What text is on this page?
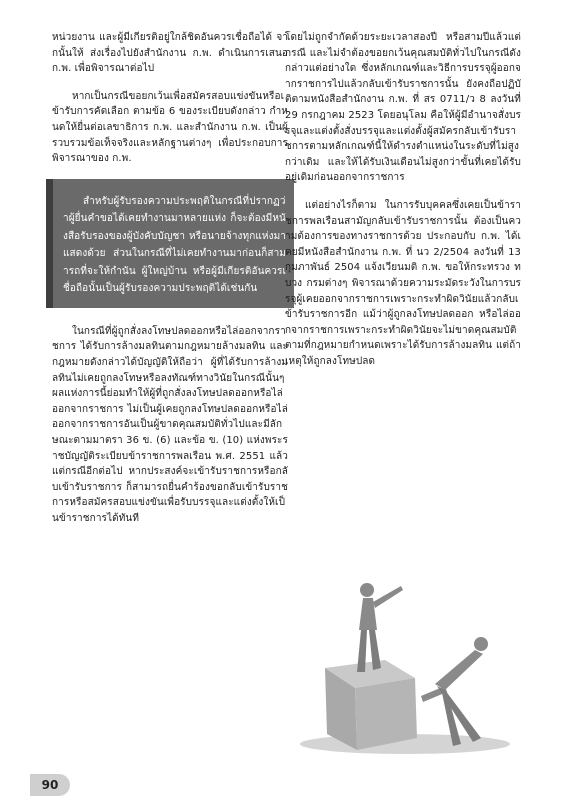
หน่วยงาน และผู้มีเกียรติอยู่ใกล้ชิดอันควรเชื่อถือได้ จากนั้นให้ ส่งเรื่องไปยังสำนักงาน ก.พ. ดำเนินการเสนอ ก.พ. เพื่อพิจารณาต่อไป

หากเป็นกรณีขอยกเว้นเพื่อสมัครสอบแข่งขันหรือเข้ารับการคัดเลือก ตามข้อ 6 ของระเบียบดังกล่าว กำหนดให้ยื่นต่อเลขาธิการ ก.พ. และสำนักงาน ก.พ. เป็นผู้รวบรวมข้อเท็จจริงและหลักฐานต่างๆ เพื่อประกอบการพิจารณาของ ก.พ.

สำหรับผู้รับรองความประพฤติในกรณีที่ปรากฏว่าผู้ยื่นคำขอได้เคยทำงานมาหลายแห่ง ก็จะต้องมีหนังสือรับรองของผู้บังคับบัญชา หรือนายจ้างทุกแห่งมาแสดงด้วย ส่วนในกรณีที่ไม่เคยทำงานมาก่อนก็สามารถที่จะให้กำนัน ผู้ใหญ่บ้าน หรือผู้มีเกียรติอันควรเชื่อถือนั้นเป็นผู้รับรองความประพฤติได้เช่นกัน

ในกรณีที่ผู้ถูกสั่งลงโทษปลดออกหรือไล่ออกจากราชการ ได้รับการล้างมลทินตามกฎหมายล้างมลทิน และกฎหมายดังกล่าวได้บัญญัติให้ถือว่า ผู้ที่ได้รับการล้างมลทินไม่เคยถูกลงโทษหรือลงทัณฑ์ทางวินัยในกรณีนั้นๆ ผลแห่งการนี้ย่อมทำให้ผู้ที่ถูกสั่งลงโทษปลดออกหรือไล่ออกจากราชการ ไม่เป็นผู้เคยถูกลงโทษปลดออกหรือไล่ออกจากราชการอันเป็นผู้ขาดคุณสมบัติทั่วไปและมีลักษณะตามมาตรา 36 ข. (6) และข้อ ข. (10) แห่งพระราชบัญญัติระเบียบข้าราชการพลเรือน พ.ศ. 2551 แล้วแต่กรณีอีกต่อไป หากประสงค์จะเข้ารับราชการหรือกลับเข้ารับราชการ ก็สามารถยื่นคำร้องขอกลับเข้ารับราชการหรือสมัครสอบแข่งขันเพื่อรับบรรจุและแต่งตั้งให้เป็นข้าราชการได้ทันที

โดยไม่ถูกจำกัดด้วยระยะเวลาสองปี หรือสามปีแล้วแต่กรณี และไม่จำต้องขอยกเว้นคุณสมบัติทั่วไปในกรณีดังกล่าวแต่อย่างใด ซึ่งหลักเกณฑ์และวิธีการบรรจุผู้ออกจากราชการไปแล้วกลับเข้ารับราชการนั้น ยังคงถือปฏิบัติตามหนังสือสำนักงาน ก.พ. ที่ สร 0711/ว 8 ลงวันที่ 29 กรกฎาคม 2523 โดยอนุโลม คือให้ผู้มีอำนาจสั่งบรรจุและแต่งตั้งสั่งบรรจุและแต่งตั้งผู้สมัครกลับเข้ารับราชการตามหลักเกณฑ์นี้ให้ดำรงตำแหน่งในระดับที่ไม่สูงกว่าเดิม และให้ได้รับเงินเดือนไม่สูงกว่าขั้นที่เคยได้รับอยู่เดิมก่อนออกจากราชการ

แต่อย่างไรก็ตาม ในการรับบุคคลซึ่งเคยเป็นข้าราชการพลเรือนสามัญกลับเข้ารับราชการนั้น ต้องเป็นความต้องการของทางราชการด้วย ประกอบกับ ก.พ. ได้เคยมีหนังสือสำนักงาน ก.พ. ที่ นว 2/2504 ลงวันที่ 13 กุมภาพันธ์ 2504 แจ้งเวียนมติ ก.พ. ขอให้กระทรวง ทบวง กรมต่างๆ พิจารณาด้วยความระมัดระวังในการบรรจุผู้เคยออกจากราชการเพราะกระทำผิดวินัยแล้วกลับเข้ารับราชการอีก แม้ว่าผู้ถูกลงโทษปลดออก หรือไล่ออกจากราชการเพราะกระทำผิดวินัยจะไม่ขาดคุณสมบัติตามที่กฎหมายกำหนดเพราะได้รับการล้างมลทิน แต่ถ้าเหตุให้ถูกลงโทษปลด

90
